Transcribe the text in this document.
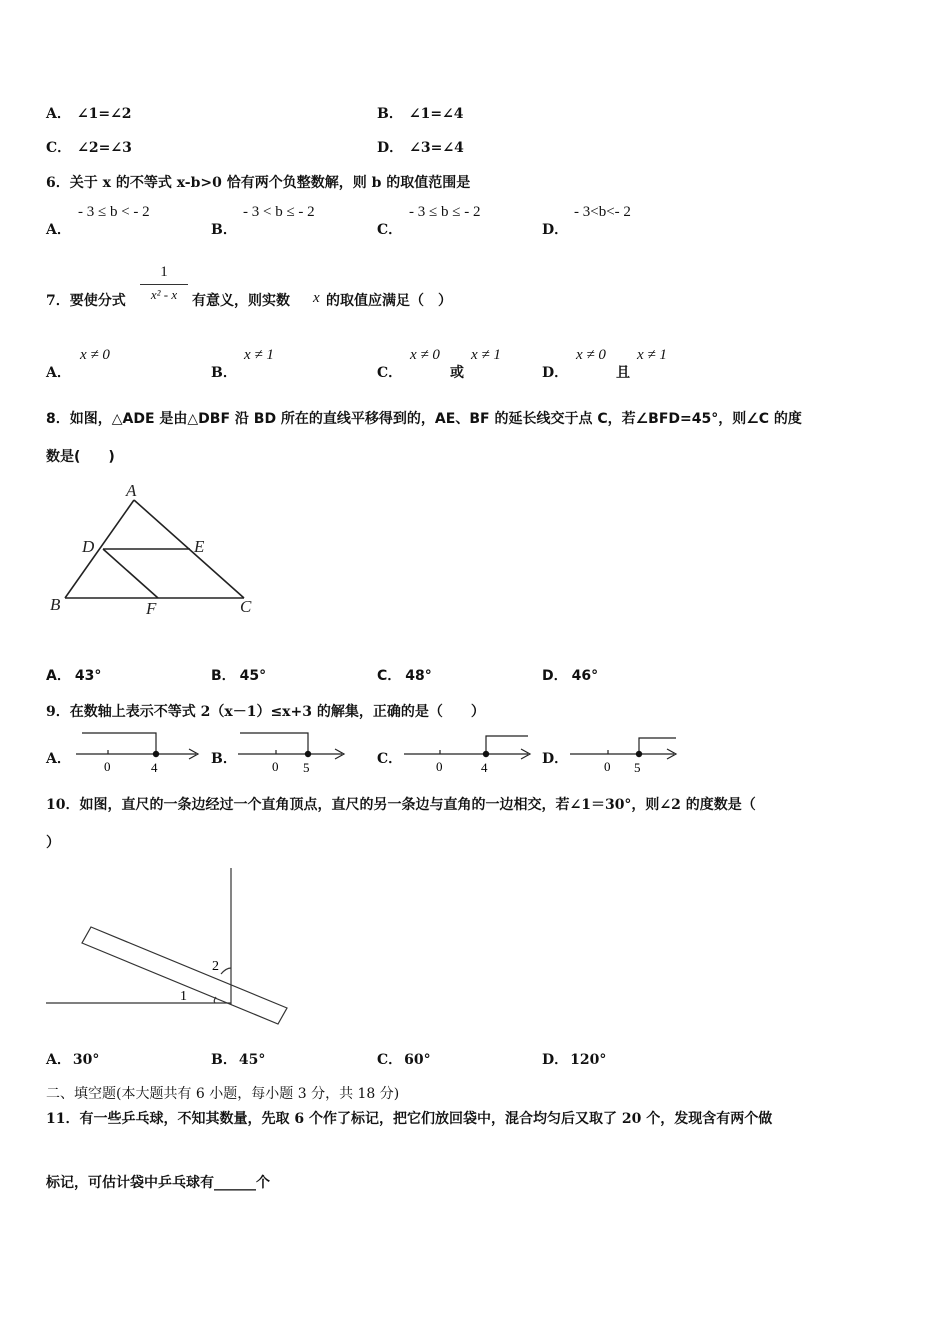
A． ∠1=∠2	B． ∠1=∠4
C． ∠2=∠3	D． ∠3=∠4
6．关于 x 的不等式 x-b>0 恰有两个负整数解，则 b 的取值范围是
A．
- 3 ≤ b < - 2
B．
- 3 < b ≤ - 2
C．
- 3 ≤ b ≤ - 2
D．
- 3<b<- 2
7．要使分式
1
x² - x	有意义，则实数 x 的取值应满足（　）
A．
x ≠ 0
B．
x ≠ 1
C．
x ≠ 0
或
x ≠ 1
D．
x ≠ 0
且
x ≠ 1
8．如图，△ADE 是由△DBF 沿 BD 所在的直线平移得到的，AE、BF 的延长线交于点 C，若∠BFD=45°，则∠C 的度
数是(　　)
A
D	E
B	F	C
A． 43°	B． 45°	C． 48°	D． 46°
9．在数轴上表示不等式 2（x－1）≤x+3 的解集，正确的是（　　）
A．	0	4
B．	0 5
C．	0	4
D．	0 5
10．如图，直尺的一条边经过一个直角顶点，直尺的另一条边与直角的一边相交，若∠1＝30°，则∠2 的度数是（
）
1
2
A． 30°	B． 45°	C． 60°	D． 120°
二、填空题(本大题共有 6 小题，每小题 3 分，共 18 分)
11．有一些乒乓球，不知其数量，先取 6 个作了标记，把它们放回袋中，混合均匀后又取了 20 个，发现含有两个做
标记，可估计袋中乒乓球有______个
